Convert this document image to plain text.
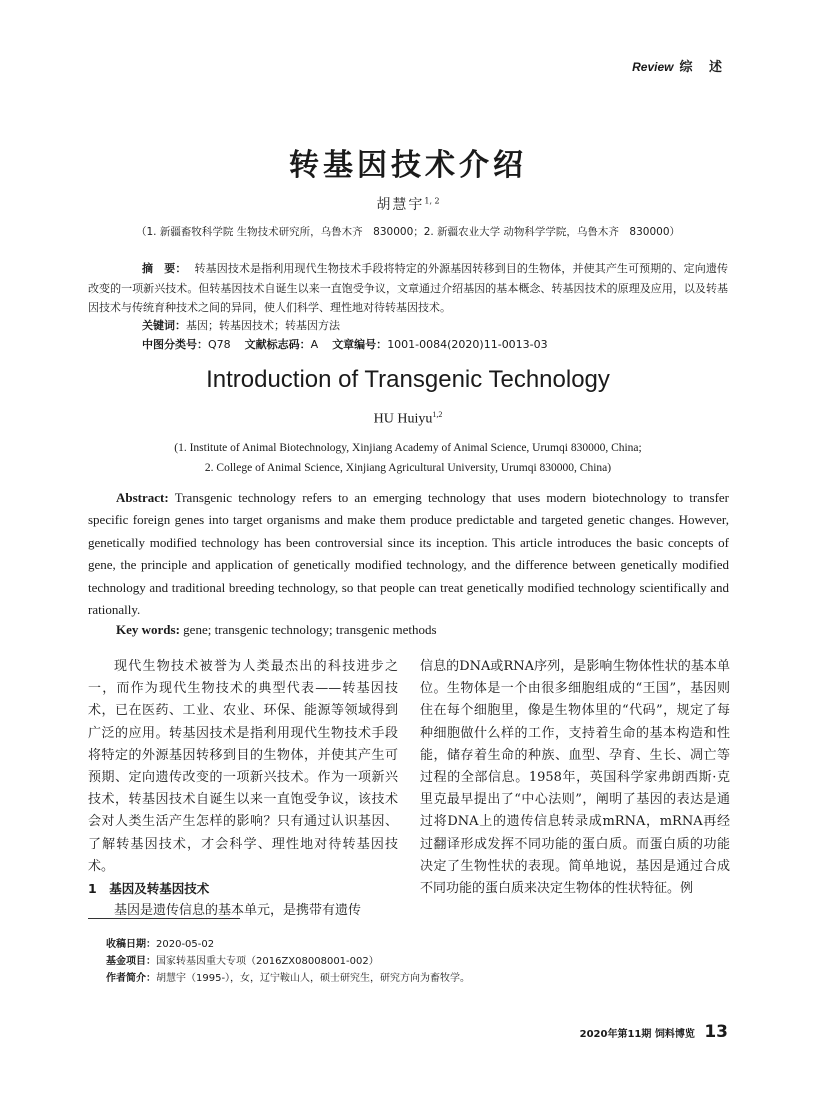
Review 综 述
转基因技术介绍
胡慧宇$^{1, 2}$
（1. 新疆畜牧科学院 生物技术研究所，乌鲁木齐　830000；2. 新疆农业大学 动物科学学院，乌鲁木齐　830000）
摘　要： 转基因技术是指利用现代生物技术手段将特定的外源基因转移到目的生物体，并使其产生可预期的、定向遗传改变的一项新兴技术。但转基因技术自诞生以来一直饱受争议，文章通过介绍基因的基本概念、转基因技术的原理及应用，以及转基因技术与传统育种技术之间的异同，使人们科学、理性地对待转基因技术。
关键词：基因；转基因技术；转基因方法
中图分类号：Q78 文献标志码：A 文章编号：1001-0084(2020)11-0013-03
Introduction of Transgenic Technology
HU Huiyu$^{1,2}$
(1. Institute of Animal Biotechnology, Xinjiang Academy of Animal Science, Urumqi 830000, China;
2. College of Animal Science, Xinjiang Agricultural University, Urumqi 830000, China)
Abstract: Transgenic technology refers to an emerging technology that uses modern biotechnology to transfer specific foreign genes into target organisms and make them produce predictable and targeted genetic changes. However, genetically modified technology has been controversial since its inception. This article introduces the basic concepts of gene, the principle and application of genetically modified technology, and the difference between genetically modified technology and traditional breeding technology, so that people can treat genetically modified technology scientifically and rationally.
Key words: gene; transgenic technology; transgenic methods

现代生物技术被誉为人类最杰出的科技进步之一，而作为现代生物技术的典型代表——转基因技术，已在医药、工业、农业、环保、能源等领域得到广泛的应用。转基因技术是指利用现代生物技术手段将特定的外源基因转移到目的生物体，并使其产生可预期、定向遗传改变的一项新兴技术。作为一项新兴技术，转基因技术自诞生以来一直饱受争议，该技术会对人类生活产生怎样的影响？只有通过认识基因、了解转基因技术，才会科学、理性地对待转基因技术。

1　基因及转基因技术

基因是遗传信息的基本单元，是携带有遗传

信息的DNA或RNA序列，是影响生物体性状的基本单位。生物体是一个由很多细胞组成的“王国”，基因则住在每个细胞里，像是生物体里的“代码”，规定了每种细胞做什么样的工作，支持着生命的基本构造和性能，储存着生命的种族、血型、孕育、生长、凋亡等过程的全部信息。1958年，英国科学家弗朗西斯·克里克最早提出了“中心法则”，阐明了基因的表达是通过将DNA上的遗传信息转录成mRNA，mRNA再经过翻译形成发挥不同功能的蛋白质。而蛋白质的功能决定了生物性状的表现。简单地说，基因是通过合成不同功能的蛋白质来决定生物体的性状特征。例

收稿日期：2020-05-02
基金项目：国家转基因重大专项（2016ZX08008001-002）
作者简介：胡慧宇（1995-），女，辽宁鞍山人，硕士研究生，研究方向为畜牧学。
2020年第11期 饲料博览 13
